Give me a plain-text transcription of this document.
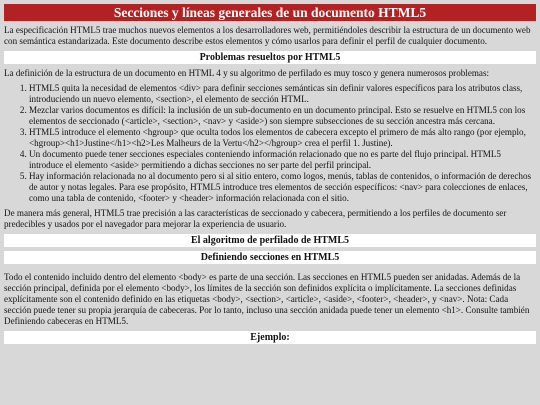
Secciones y líneas generales de un documento HTML5

La especificación HTML5 trae muchos nuevos elementos a los desarrolladores web, permitiéndoles describir la estructura de un documento web con semántica estandarizada. Este documento describe estos elementos y cómo usarlos para definir el perfil de cualquier documento.

Problemas resueltos por HTML5

La definición de la estructura de un documento en HTML 4 y su algoritmo de perfilado es muy tosco y genera numerosos problemas:

1. HTML5 quita la necesidad de elementos <div> para definir secciones semánticas sin definir valores específicos para los atributos class, introduciendo un nuevo elemento, <section>, el elemento de sección HTML.
2. Mezclar varios documentos es difícil: la inclusión de un sub-documento en un documento principal. Esto se resuelve en HTML5 con los elementos de seccionado (<article>, <section>, <nav> y <aside>) son siempre subsecciones de su sección ancestra más cercana.
3. HTML5 introduce el elemento <hgroup> que oculta todos los elementos de cabecera excepto el primero de más alto rango (por ejemplo, <hgroup><h1>Justine</h1><h2>Les Malheurs de la Vertu</h2></hgroup> crea el perfil 1. Justine).
4. Un documento puede tener secciones especiales conteniendo información relacionado que no es parte del flujo principal. HTML5 introduce el elemento <aside> permitiendo a dichas secciones no ser parte del perfil principal.
5. Hay información relacionada no al documento pero si al sitio entero, como logos, menús, tablas de contenidos, o información de derechos de autor y notas legales. Para ese propósito, HTML5 introduce tres elementos de sección específicos: <nav> para colecciones de enlaces, como una tabla de contenido, <footer> y <header> información relacionada con el sitio.

De manera más general, HTML5 trae precisión a las características de seccionado y cabecera, permitiendo a los perfiles de documento ser predecibles y usados por el navegador para mejorar la experiencia de usuario.

El algoritmo de perfilado de HTML5
Definiendo secciones en HTML5

Todo el contenido incluido dentro del elemento <body> es parte de una sección. Las secciones en HTML5 pueden ser anidadas. Además de la sección principal, definida por el elemento <body>, los límites de la sección son definidos explícita o implícitamente. La secciones definidas explícitamente son el contenido definido en las etiquetas <body>, <section>, <article>, <aside>, <footer>, <header>, y <nav>. Nota: Cada sección puede tener su propia jerarquía de cabeceras. Por lo tanto, incluso una sección anidada puede tener un elemento <h1>. Consulte también Definiendo cabeceras en HTML5.

Ejemplo:
